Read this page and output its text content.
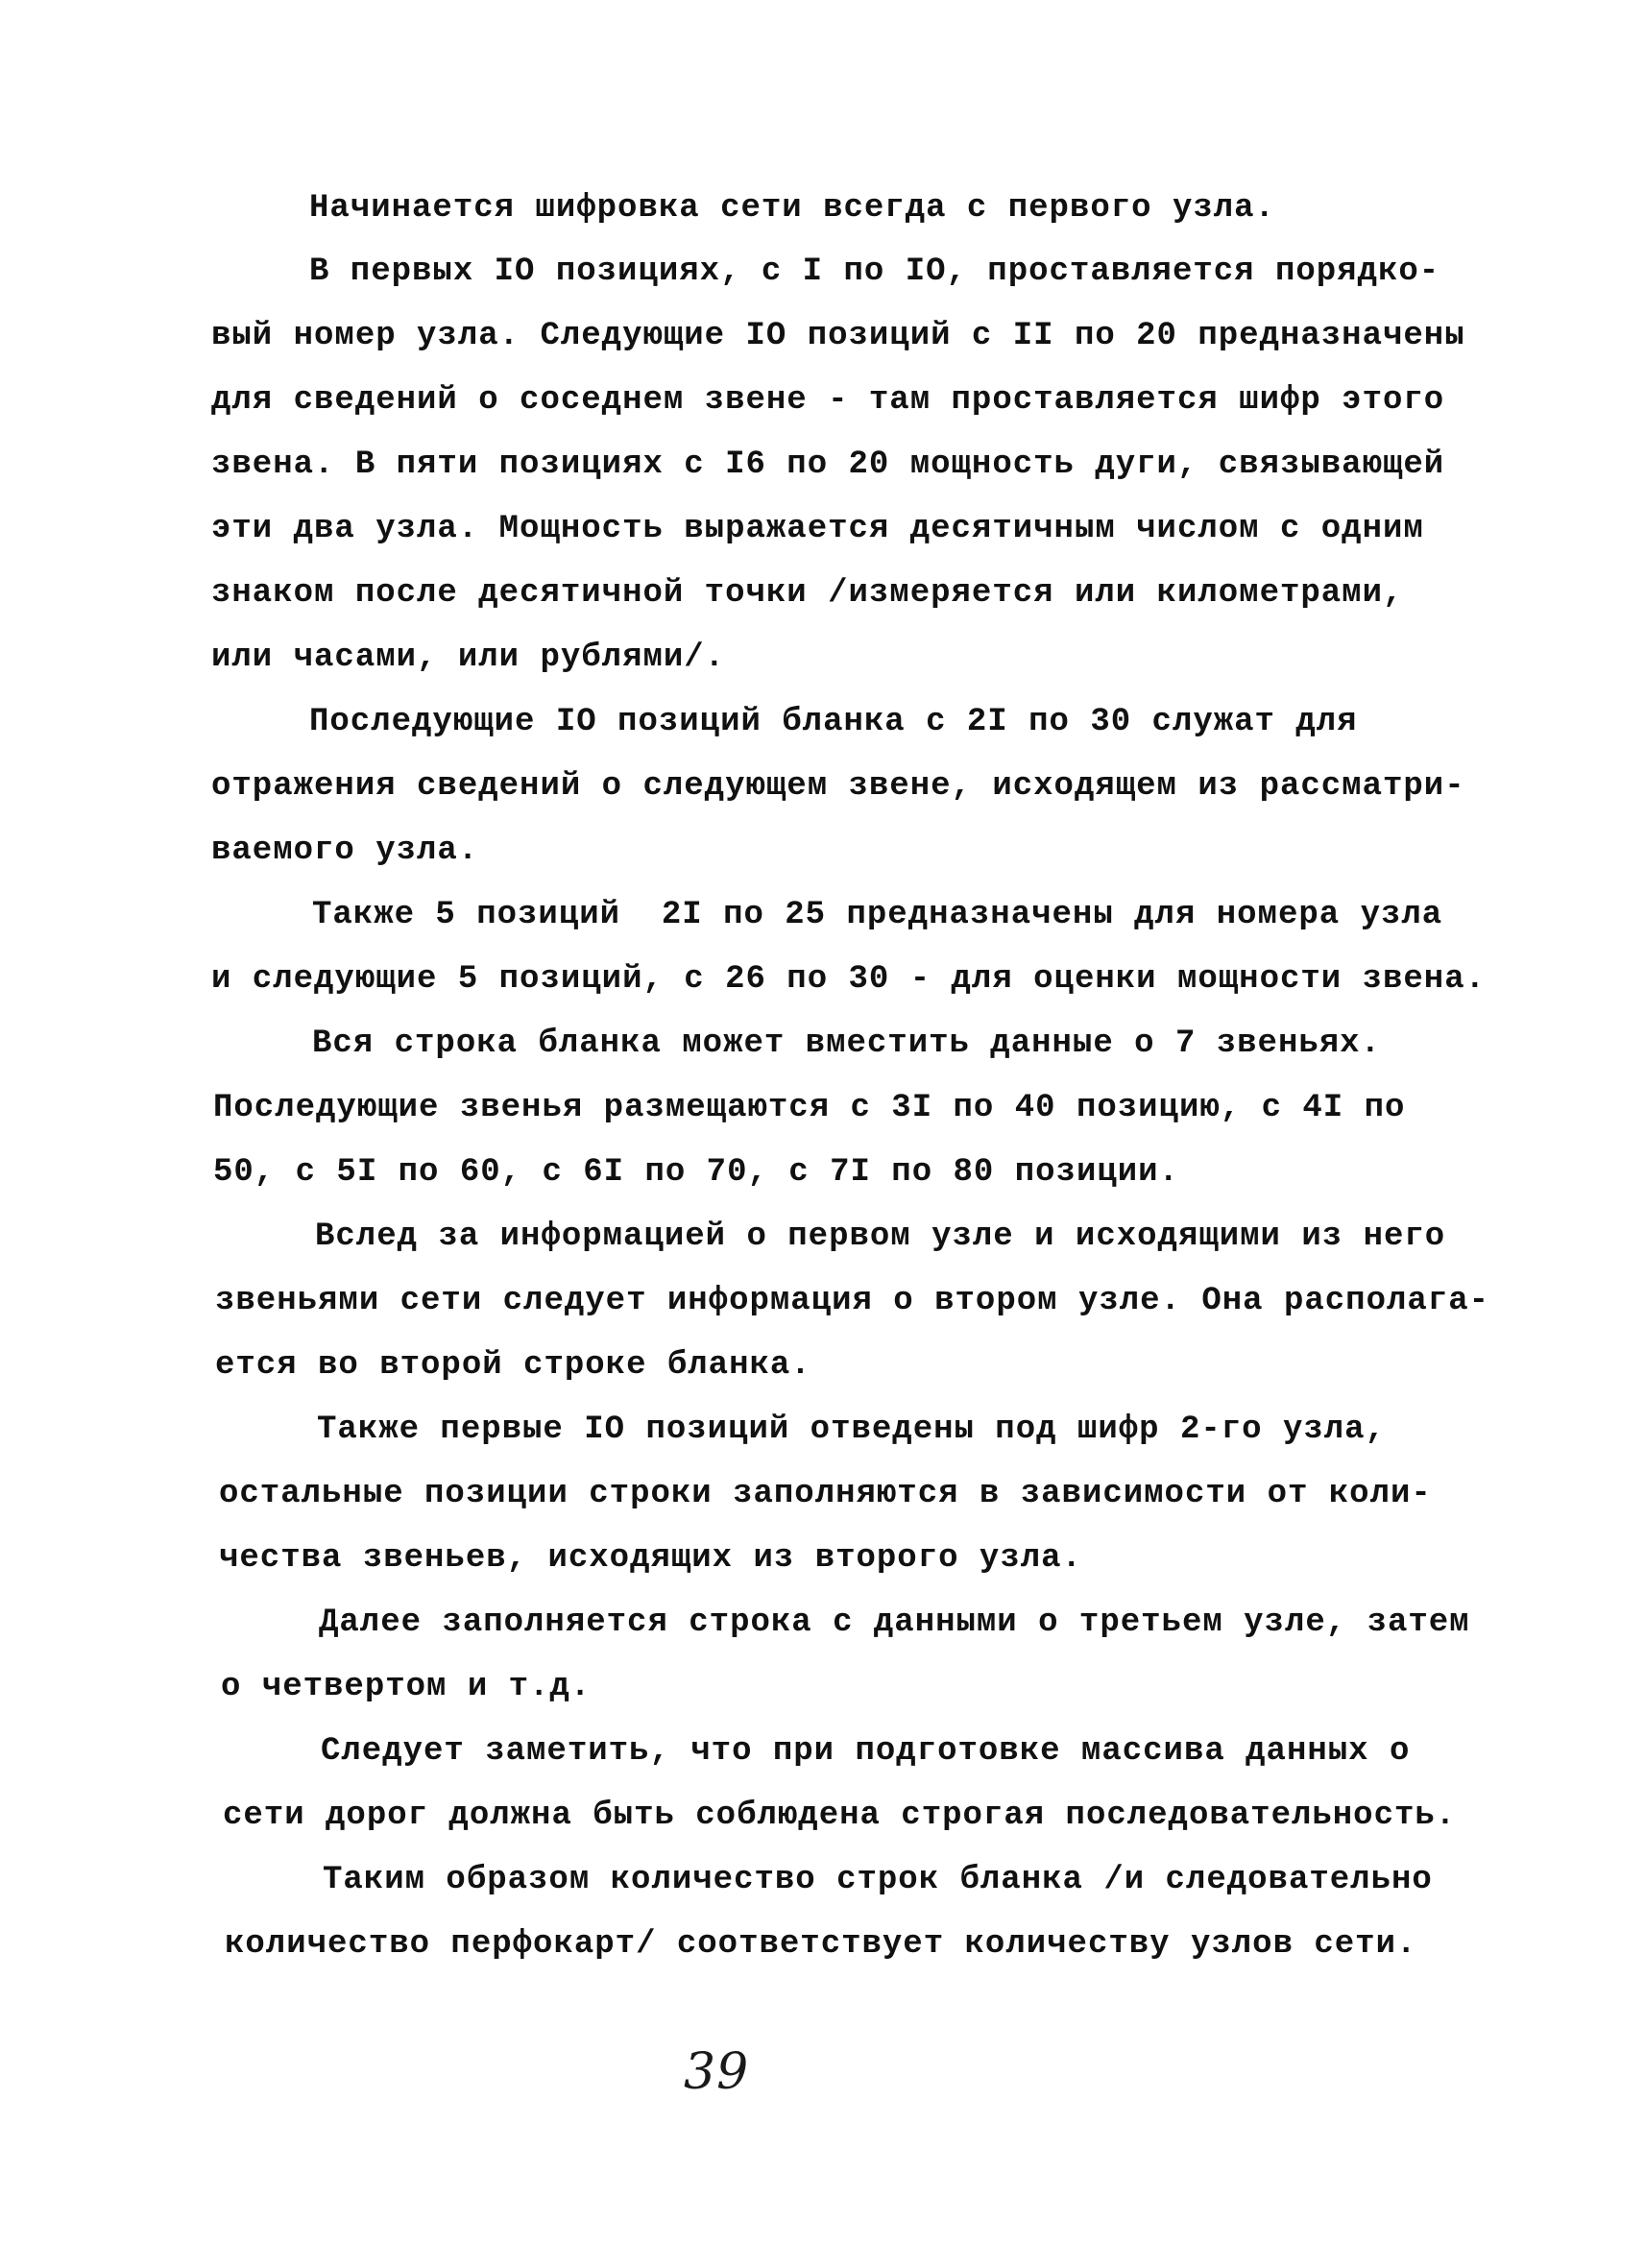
Начинается шифровка сети всегда с первого узла.
В первых IO позициях, с I по IO, проставляется порядко-
вый номер узла. Следующие IO позиций с II по 20 предназначены
для сведений о соседнем звене - там проставляется шифр этого
звена. В пяти позициях с I6 по 20 мощность дуги, связывающей
эти два узла. Мощность выражается десятичным числом с одним
знаком после десятичной точки /измеряется или километрами,
или часами, или рублями/.
Последующие IO позиций бланка с 2I по 30 служат для
отражения сведений о следующем звене, исходящем из рассматри-
ваемого узла.
Также 5 позиций  2I по 25 предназначены для номера узла
и следующие 5 позиций, с 26 по 30 - для оценки мощности звена.
Вся строка бланка может вместить данные о 7 звеньях.
Последующие звенья размещаются с 3I по 40 позицию, с 4I по
50, с 5I по 60, с 6I по 70, с 7I по 80 позиции.
Вслед за информацией о первом узле и исходящими из него
звеньями сети следует информация о втором узле. Она располага-
ется во второй строке бланка.
Также первые IO позиций отведены под шифр 2-го узла,
остальные позиции строки заполняются в зависимости от коли-
чества звеньев, исходящих из второго узла.
Далее заполняется строка с данными о третьем узле, затем
о четвертом и т.д.
Следует заметить, что при подготовке массива данных о
сети дорог должна быть соблюдена строгая последовательность.
Таким образом количество строк бланка /и следовательно
количество перфокарт/ соответствует количеству узлов сети.
39
